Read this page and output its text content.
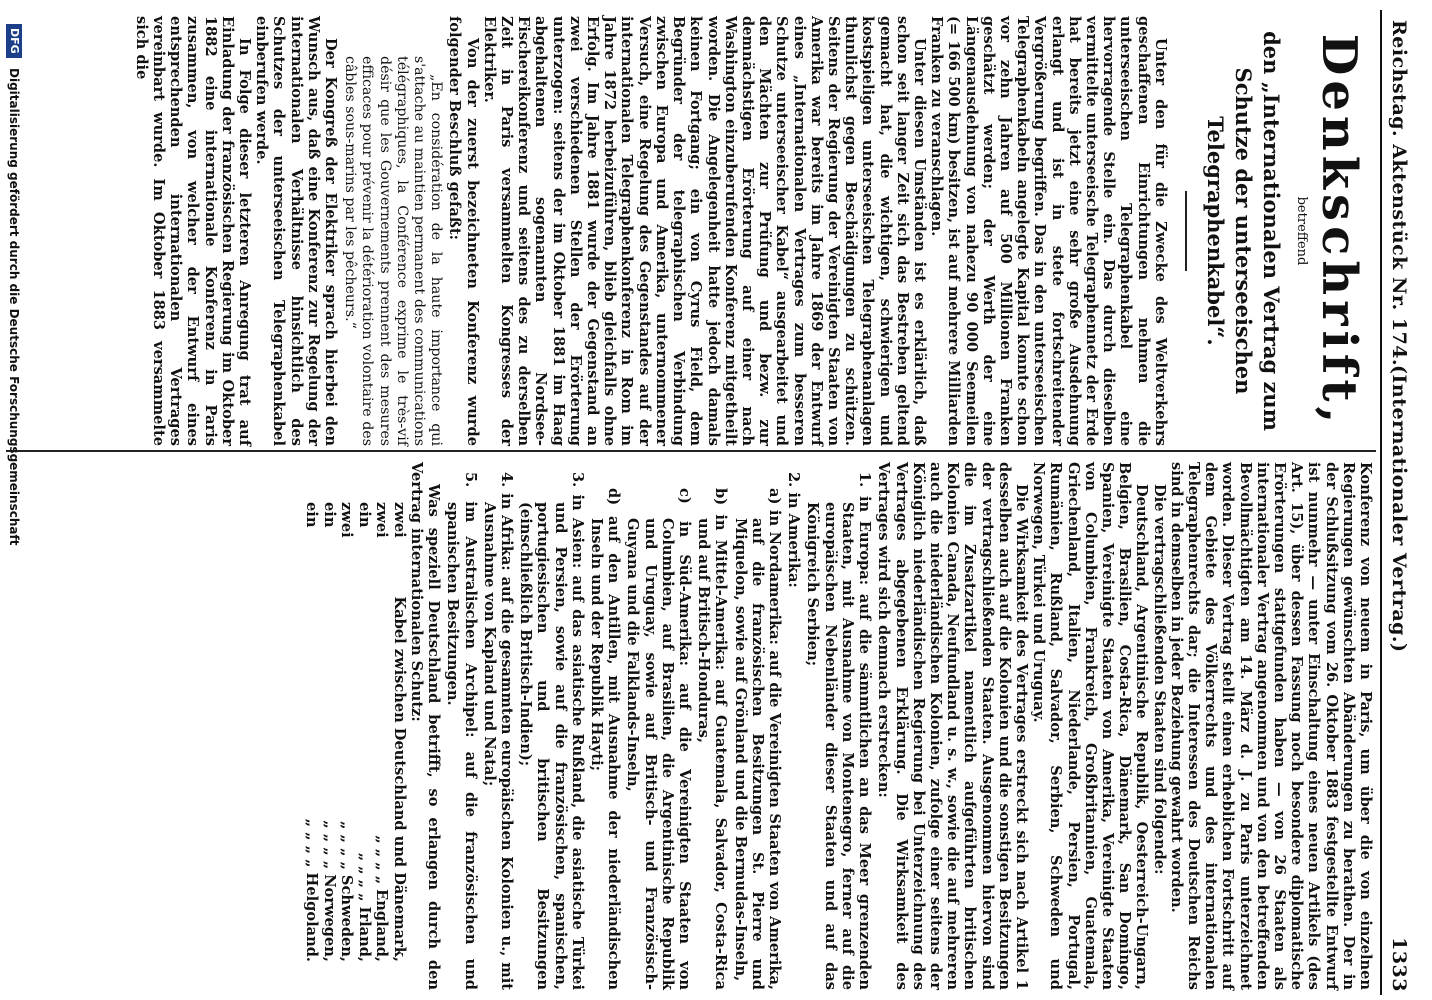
Reichstag. Aktenstück Nr. 174.
(Internationaler Vertrag.)                                        1333
Denkschrift,
betreffend
den „Internationalen Vertrag zum Schutze der unterseeischen Telegraphenkabel“.

Unter den für die Zwecke des Weltverkehrs geschaffenen Einrichtungen nehmen die unterseeischen Telegraphenkabel eine hervorragende Stelle ein. Das durch dieselben vermittelte unterseeische Telegraphennetz der Erde hat bereits jetzt eine sehr große Ausdehnung erlangt und ist in stete fortschreitender Vergrößerung begriffen. Das in den unterseeischen Telegraphenkabeln angelegte Kapital konnte schon vor zehn Jahren auf 500 Millionen Franken geschätzt werden; der Werth der eine Längenausdehnung von nahezu 90 000 Seemeilen (= 166 500 km) besitzen, ist auf mehrere Milliarden Franken zu veranschlagen.

Unter diesen Umständen ist es erklärlich, daß schon seit langer Zeit sich das Bestreben geltend gemacht hat, die wichtigen, schwierigen und kostspieligen unterseeischen Telegraphenanlagen thunlichst gegen Beschädigungen zu schützen. Seitens der Regierung der Vereinigten Staaten von Amerika war bereits im Jahre 1869 der Entwurf eines „Internationalen Vertrages zum besseren Schutze unterseeischer Kabel“ ausgearbeitet und den Mächten zur Prüfung und bezw. zur demnächstigen Erörterung auf einer nach Washington einzuberufenden Konferenz mitgetheilt worden. Die Angelegenheit hatte jedoch damals keinen Fortgang; ein von Cyrus Field, dem Begründer der telegraphischen Verbindung zwischen Europa und Amerika, unternommener Versuch, eine Regelung des Gegenstandes auf der internationalen Telegraphenkonferenz in Rom im Jahre 1872 herbeizuführen, blieb gleichfalls ohne Erfolg. Im Jahre 1881 wurde der Gegenstand an zwei verschiedenen Stellen der Erörterung unterzogen: seitens der im Oktober 1881 im Haag abgehaltenen sogenannten Nordsee-Fischereikonferenz und seitens des zu derselben Zeit in Paris versammelten Kongresses der Elektriker.

Von der zuerst bezeichneten Konferenz wurde folgender Beschluß gefaßt:

„En considération de la haute importance qui s'attache au maintien permanent des communications télégraphiques, la Conférence exprime le très-vif désir que les Gouvernements prennent des mesures efficaces pour prévenir la détérioration volontaire des câbles sous-marins par les pêcheurs.“

Der Kongreß der Elektriker sprach hierbei den Wunsch aus, daß eine Konferenz zur Regelung der internationalen Verhältnisse hinsichtlich des Schutzes der unterseeischen Telegraphenkabel einberufen werde.

In Folge dieser letzteren Anregung trat auf Einladung der französischen Regierung im Oktober 1882 eine internationale Konferenz in Paris zusammen, von welcher der Entwurf eines entsprechenden internationalen Vertrages vereinbart wurde. Im Oktober 1883 versammelte sich die

Konferenz von neuem in Paris, um über die von einzelnen Regierungen gewünschten Abänderungen zu berathen. Der in der Schlußsitzung vom 26. Oktober 1883 festgestellte Entwurf ist nunmehr — unter Einschaltung eines neuen Artikels (des Art. 15), über dessen Fassung noch besondere diplomatische Erörterungen stattgefunden haben — von 26 Staaten als internationaler Vertrag angenommen und von den betreffenden Bevollmächtigten am 14. März d. J. zu Paris unterzeichnet worden. Dieser Vertrag stellt einen erheblichen Fortschritt auf dem Gebiete des Völkerrechts und des internationalen Telegraphenrechts dar; die Interessen des Deutschen Reichs sind in demselben in jeder Beziehung gewahrt worden.

Die vertragschließenden Staaten sind folgende:

Deutschland, Argentinische Republik, Oesterreich-Ungarn, Belgien, Brasilien, Costa-Rica, Dänemark, San Domingo, Spanien, Vereinigte Staaten von Amerika, Vereinigte Staaten von Columbien, Frankreich, Großbritannien, Guatemala, Griechenland, Italien, Niederlande, Persien, Portugal, Rumänien, Rußland, Salvador, Serbien, Schweden und Norwegen, Türkei und Uruguay.

Die Wirksamkeit des Vertrages erstreckt sich nach Artikel 1 desselben auch auf die Kolonien und die sonstigen Besitzungen der vertragschließenden Staaten. Ausgenommen hiervon sind die im Zusatzartikel namentlich aufgeführten britischen Kolonien Canada, Neufundland u. s. w., sowie die auf mehreren auch die niederländischen Kolonien, zufolge einer seitens der Königlich niederländischen Regierung bei Unterzeichnung des Vertrages abgegebenen Erklärung. Die Wirksamkeit des Vertrages wird sich demnach erstrecken:

1. in Europa: auf die sämmtlichen an das Meer grenzenden Staaten, mit Ausnahme von Montenegro, ferner auf die europäischen Nebenländer dieser Staaten und auf das Königreich Serbien;

2. in Amerika:

a) in Nordamerika: auf die Vereinigten Staaten von Amerika, auf die französischen Besitzungen St. Pierre und Miquelon, sowie auf Grönland und die Bermudas-Inseln,

b) in Mittel-Amerika: auf Guatemala, Salvador, Costa-Rica und auf Britisch-Honduras,

c) in Süd-Amerika: auf die Vereinigten Staaten von Columbien, auf Brasilien, die Argentinische Republik und Uruguay, sowie auf Britisch- und Französisch-Guyana und die Falklands-Inseln,

d) auf den Antillen, mit Ausnahme der niederländischen Inseln und der Republik Hayti;

3. in Asien: auf das asiatische Rußland, die asiatische Türkei und Persien, sowie auf die französischen, spanischen, portugiesischen und britischen Besitzungen (einschließlich Britisch-Indien);

4. in Afrika: auf die gesammten europäischen Kolonien u., mit Ausnahme von Kapland und Natal;

5. im Australischen Archipel: auf die französischen und spanischen Besitzungen.

Was speziell Deutschland betrifft, so erlangen durch den Vertrag internationalen Schutz:

zwei
Kabel zwischen Deutschland und Dänemark,
zwei
„ „ „ „ England,
ein
„ „ „ „ Irland,
zwei
„ „ „ „ Schweden,
ein
„ „ „ „ Norwegen,
ein
„ „ „ „ Helgoland.
DFG
Digitalisierung gefördert durch die Deutsche Forschungsgemeinschaft
